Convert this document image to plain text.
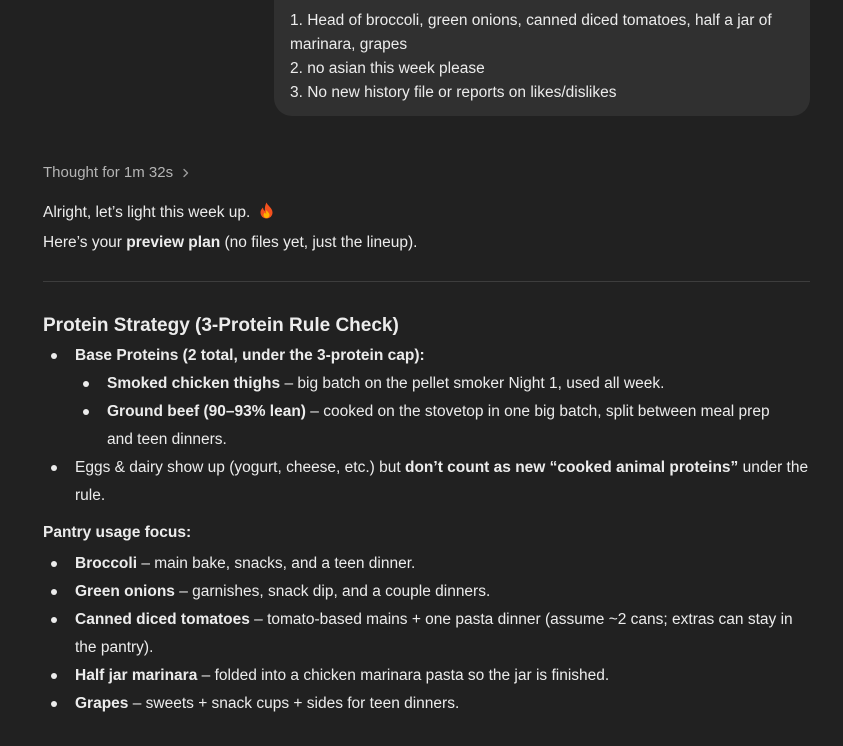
1. Head of broccoli, green onions, canned diced tomatoes, half a jar of
marinara, grapes
2. no asian this week please
3. No new history file or reports on likes/dislikes
Thought for 1m 32s
Alright, let’s light this week up.
Here’s your preview plan (no files yet, just the lineup).
Protein Strategy (3-Protein Rule Check)
Base Proteins (2 total, under the 3-protein cap):
Smoked chicken thighs – big batch on the pellet smoker Night 1, used all week.
Ground beef (90–93% lean) – cooked on the stovetop in one big batch, split between meal prep
and teen dinners.
Eggs & dairy show up (yogurt, cheese, etc.) but don’t count as new “cooked animal proteins” under the
rule.
Pantry usage focus:
Broccoli – main bake, snacks, and a teen dinner.
Green onions – garnishes, snack dip, and a couple dinners.
Canned diced tomatoes – tomato-based mains + one pasta dinner (assume ~2 cans; extras can stay in
the pantry).
Half jar marinara – folded into a chicken marinara pasta so the jar is finished.
Grapes – sweets + snack cups + sides for teen dinners.
